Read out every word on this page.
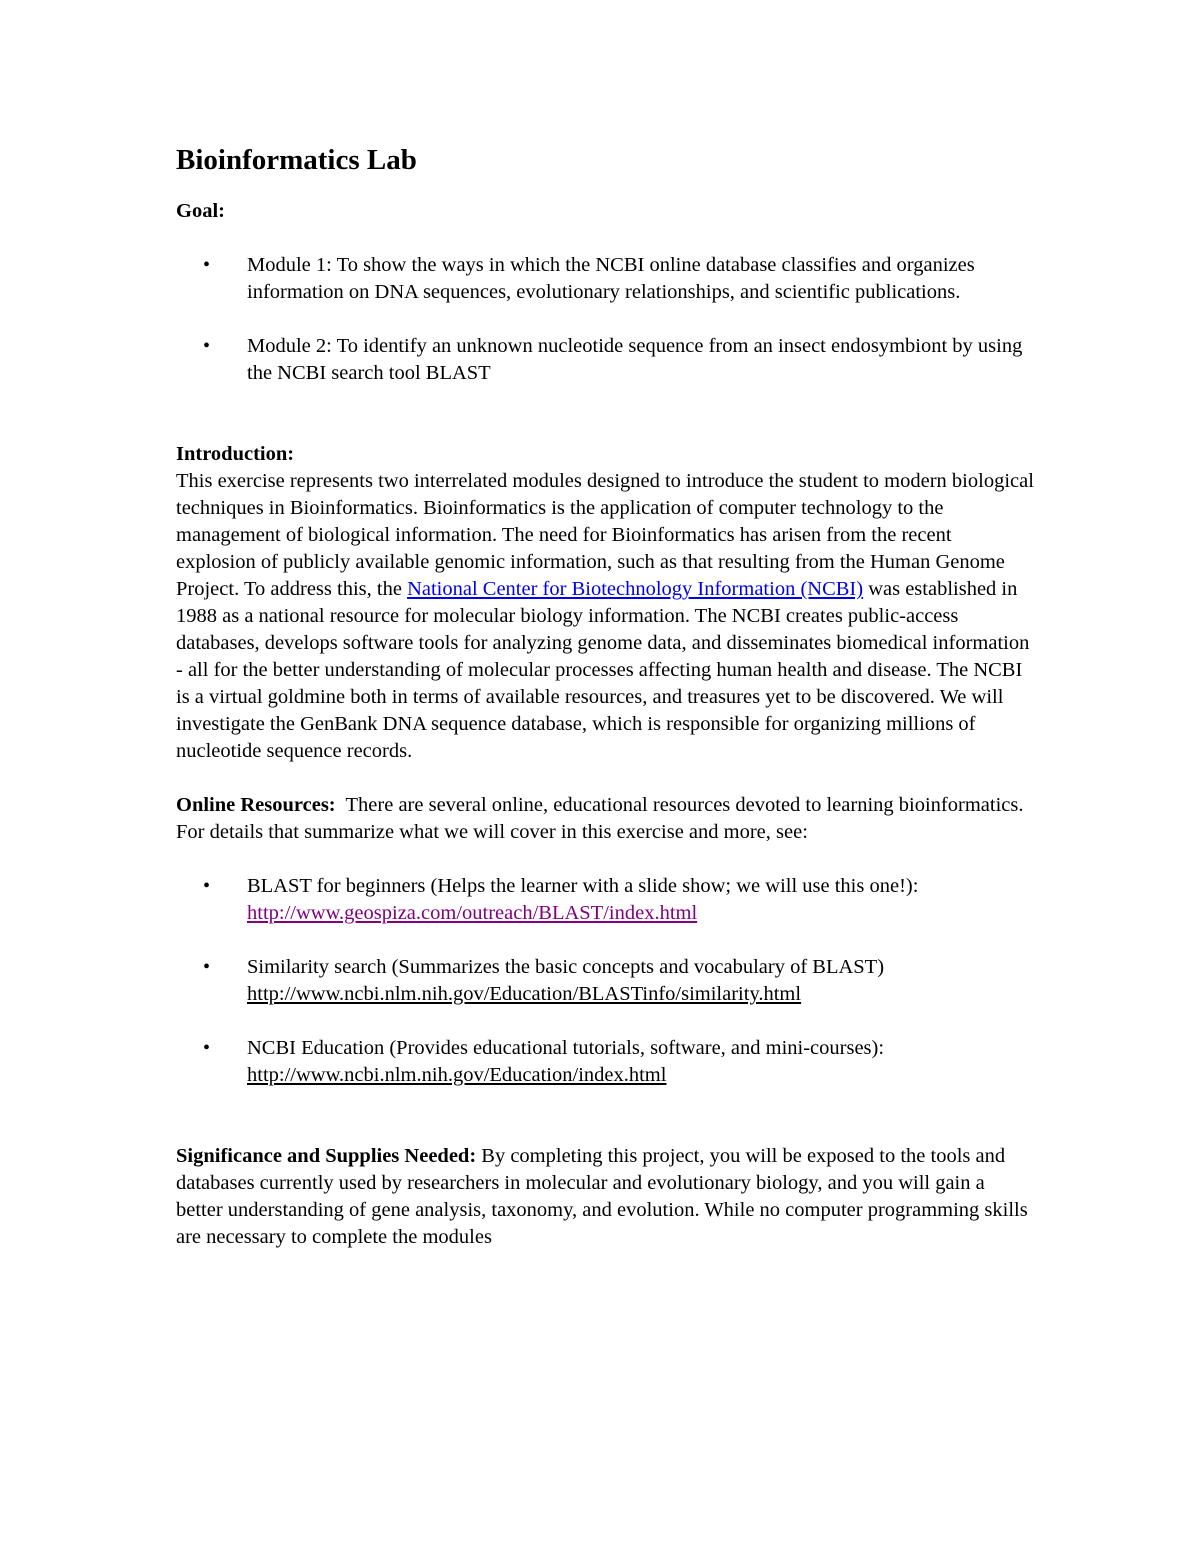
Bioinformatics Lab
Goal:
• Module 1: To show the ways in which the NCBI online database classifies and organizes information on DNA sequences, evolutionary relationships, and scientific publications.
• Module 2: To identify an unknown nucleotide sequence from an insect endosymbiont by using the NCBI search tool BLAST
Introduction:
This exercise represents two interrelated modules designed to introduce the student to modern biological techniques in Bioinformatics. Bioinformatics is the application of computer technology to the management of biological information. The need for Bioinformatics has arisen from the recent explosion of publicly available genomic information, such as that resulting from the Human Genome Project. To address this, the National Center for Biotechnology Information (NCBI) was established in 1988 as a national resource for molecular biology information. The NCBI creates public-access databases, develops software tools for analyzing genome data, and disseminates biomedical information - all for the better understanding of molecular processes affecting human health and disease. The NCBI is a virtual goldmine both in terms of available resources, and treasures yet to be discovered. We will investigate the GenBank DNA sequence database, which is responsible for organizing millions of nucleotide sequence records.
Online Resources: There are several online, educational resources devoted to learning bioinformatics. For details that summarize what we will cover in this exercise and more, see:
• BLAST for beginners (Helps the learner with a slide show; we will use this one!):
http://www.geospiza.com/outreach/BLAST/index.html
• Similarity search (Summarizes the basic concepts and vocabulary of BLAST)
http://www.ncbi.nlm.nih.gov/Education/BLASTinfo/similarity.html
• NCBI Education (Provides educational tutorials, software, and mini-courses):
http://www.ncbi.nlm.nih.gov/Education/index.html
Significance and Supplies Needed: By completing this project, you will be exposed to the tools and databases currently used by researchers in molecular and evolutionary biology, and you will gain a better understanding of gene analysis, taxonomy, and evolution. While no computer programming skills are necessary to complete the modules
